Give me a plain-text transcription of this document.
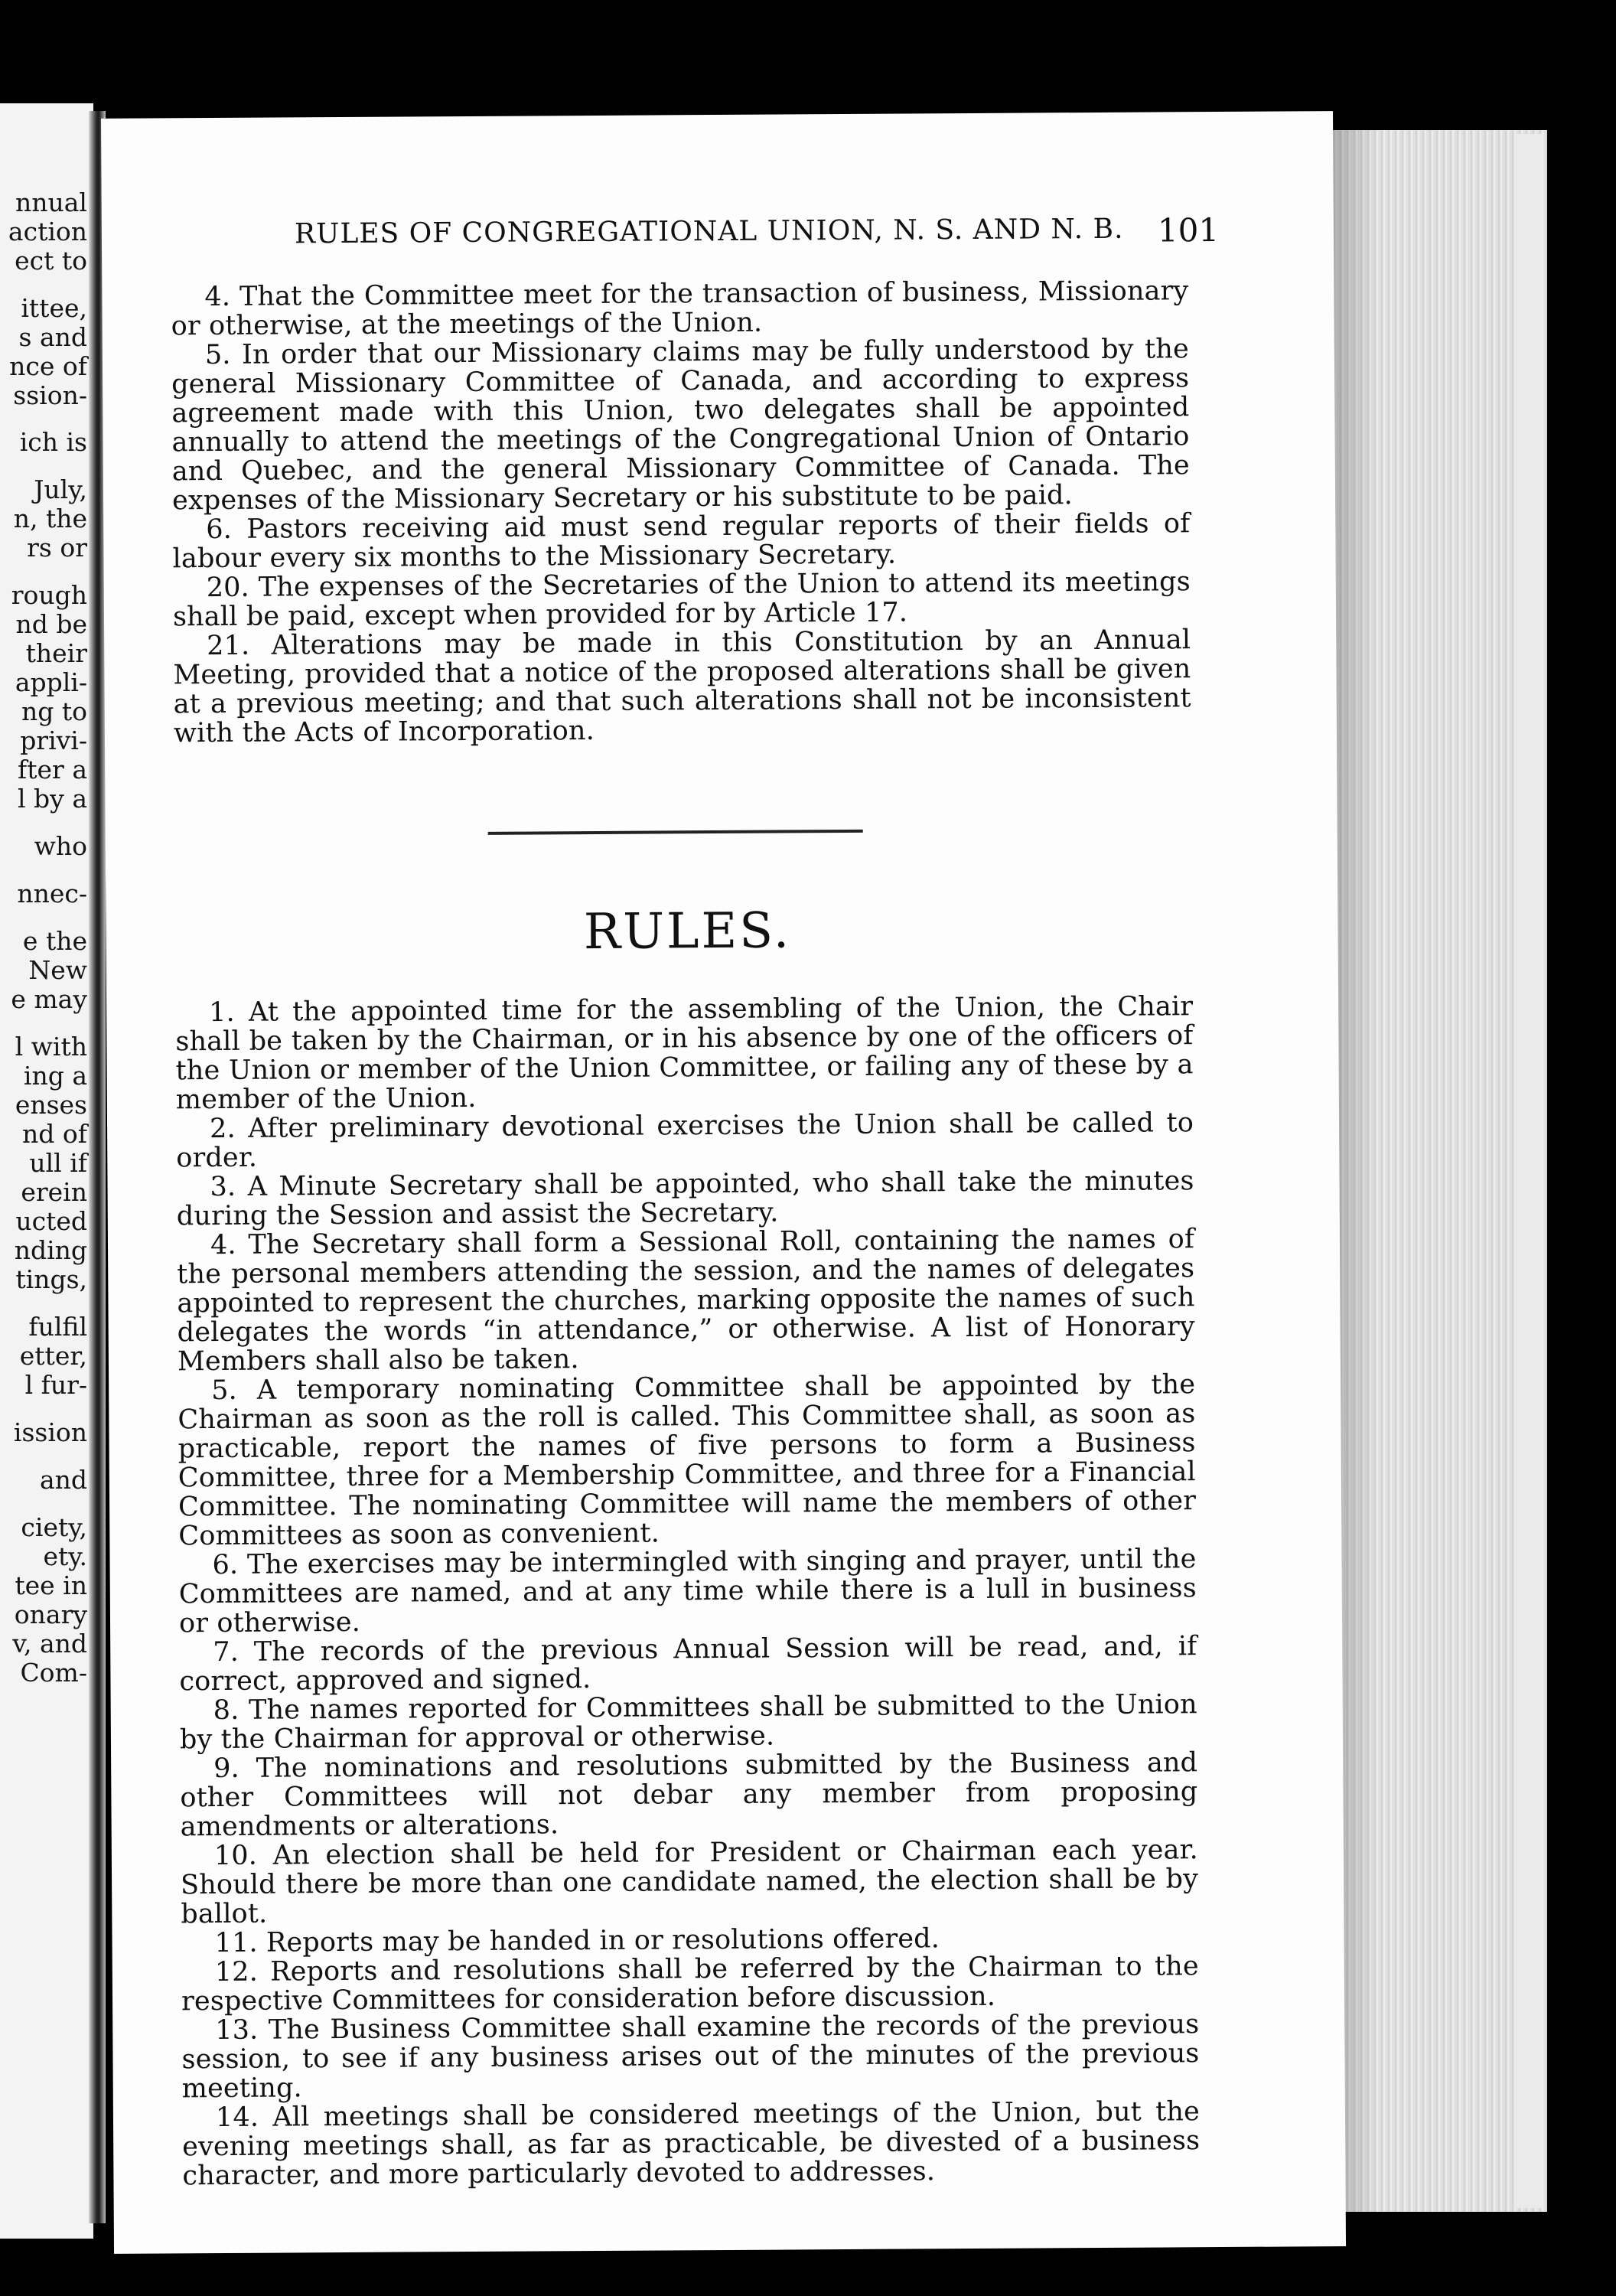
nnual
action
ect to
ittee,
s and
nce of
ssion-
ich is
July,
n, the
rs or
rough
nd be
their
appli-
ng to
privi-
fter a
l by a
who
nnec-
e the
New
e may
l with
ing a
enses
nd of
ull if
erein
ucted
nding
tings,
fulfil
etter,
l fur-
ission
and
ciety,
ety.
tee in
onary
v, and
Com-
RULES OF CONGREGATIONAL UNION, N. S. AND N. B.	101

4. That the Committee meet for the transaction of business, Missionary or otherwise, at the meetings of the Union.

5. In order that our Missionary claims may be fully understood by the general Missionary Committee of Canada, and according to express agreement made with this Union, two delegates shall be appointed annually to attend the meetings of the Congregational Union of Ontario and Quebec, and the general Missionary Committee of Canada. The expenses of the Missionary Secretary or his substitute to be paid.

6. Pastors receiving aid must send regular reports of their fields of labour every six months to the Missionary Secretary.

20. The expenses of the Secretaries of the Union to attend its meetings shall be paid, except when provided for by Article 17.

21. Alterations may be made in this Constitution by an Annual Meeting, provided that a notice of the proposed alterations shall be given at a previous meeting; and that such alterations shall not be inconsistent with the Acts of Incorporation.

RULES.

1. At the appointed time for the assembling of the Union, the Chair shall be taken by the Chairman, or in his absence by one of the officers of the Union or member of the Union Committee, or failing any of these by a member of the Union.

2. After preliminary devotional exercises the Union shall be called to order.

3. A Minute Secretary shall be appointed, who shall take the minutes during the Session and assist the Secretary.

4. The Secretary shall form a Sessional Roll, containing the names of the personal members attending the session, and the names of delegates appointed to represent the churches, marking opposite the names of such delegates the words “in attendance,” or otherwise. A list of Honorary Members shall also be taken.

5. A temporary nominating Committee shall be appointed by the Chairman as soon as the roll is called. This Committee shall, as soon as practicable, report the names of five persons to form a Business Committee, three for a Membership Committee, and three for a Financial Committee. The nominating Committee will name the members of other Committees as soon as convenient.

6. The exercises may be intermingled with singing and prayer, until the Committees are named, and at any time while there is a lull in business or otherwise.

7. The records of the previous Annual Session will be read, and, if correct, approved and signed.

8. The names reported for Committees shall be submitted to the Union by the Chairman for approval or otherwise.

9. The nominations and resolutions submitted by the Business and other Committees will not debar any member from proposing amendments or alterations.

10. An election shall be held for President or Chairman each year. Should there be more than one candidate named, the election shall be by ballot.

11. Reports may be handed in or resolutions offered.

12. Reports and resolutions shall be referred by the Chairman to the respective Committees for consideration before discussion.

13. The Business Committee shall examine the records of the previous session, to see if any business arises out of the minutes of the previous meeting.

14. All meetings shall be considered meetings of the Union, but the evening meetings shall, as far as practicable, be divested of a business character, and more particularly devoted to addresses.
